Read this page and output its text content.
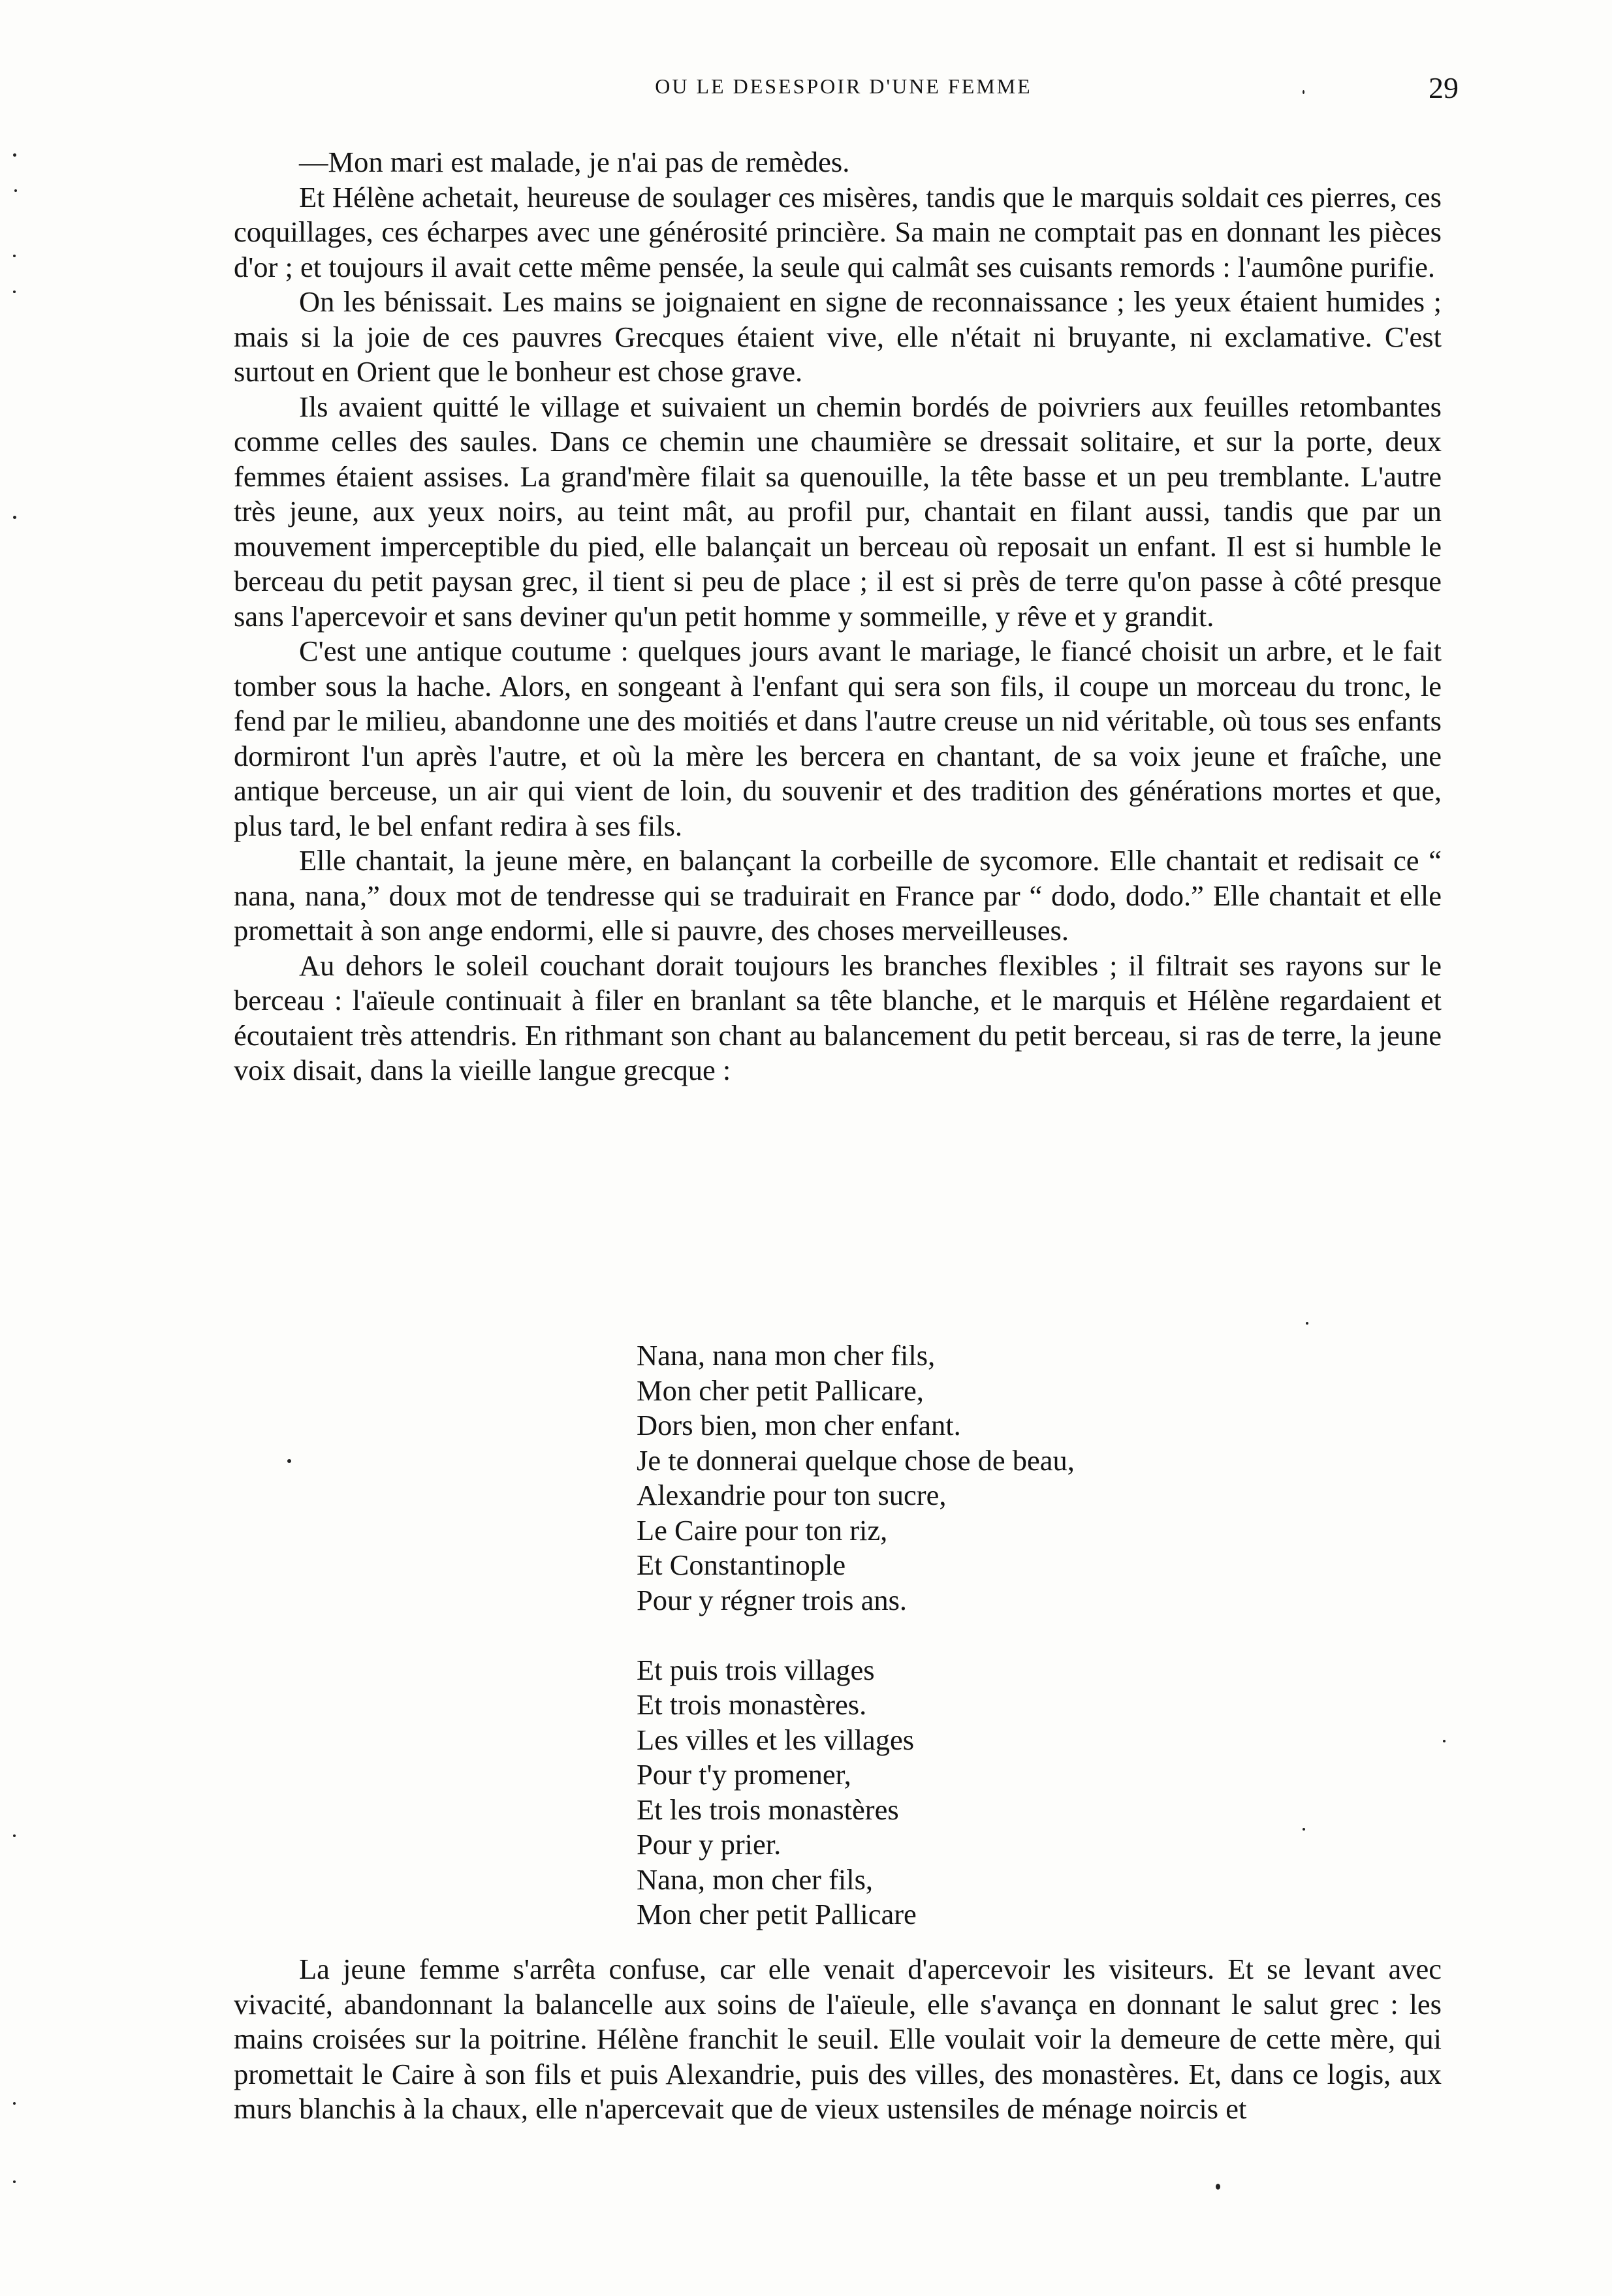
OU LE DESESPOIR D'UNE FEMME	29

—Mon mari est malade, je n'ai pas de remèdes.

Et Hélène achetait, heureuse de soulager ces misères, tandis que le marquis soldait ces pierres, ces coquillages, ces écharpes avec une générosité princière. Sa main ne comptait pas en donnant les pièces d'or ; et toujours il avait cette même pensée, la seule qui calmât ses cuisants remords : l'aumône purifie.

On les bénissait. Les mains se joignaient en signe de reconnaissance ; les yeux étaient humides ; mais si la joie de ces pauvres Grecques étaient vive, elle n'était ni bruyante, ni exclamative. C'est surtout en Orient que le bonheur est chose grave.

Ils avaient quitté le village et suivaient un chemin bordés de poivriers aux feuilles retombantes comme celles des saules. Dans ce chemin une chaumière se dressait solitaire, et sur la porte, deux femmes étaient assises. La grand'mère filait sa quenouille, la tête basse et un peu tremblante. L'autre très jeune, aux yeux noirs, au teint mât, au profil pur, chantait en filant aussi, tandis que par un mouvement imperceptible du pied, elle balançait un berceau où reposait un enfant. Il est si humble le berceau du petit paysan grec, il tient si peu de place ; il est si près de terre qu'on passe à côté presque sans l'apercevoir et sans deviner qu'un petit homme y sommeille, y rêve et y grandit.

C'est une antique coutume : quelques jours avant le mariage, le fiancé choisit un arbre, et le fait tomber sous la hache. Alors, en songeant à l'enfant qui sera son fils, il coupe un morceau du tronc, le fend par le milieu, abandonne une des moitiés et dans l'autre creuse un nid véritable, où tous ses enfants dormiront l'un après l'autre, et où la mère les bercera en chantant, de sa voix jeune et fraîche, une antique berceuse, un air qui vient de loin, du souvenir et des tradition des générations mortes et que, plus tard, le bel enfant redira à ses fils.

Elle chantait, la jeune mère, en balançant la corbeille de sycomore. Elle chantait et redisait ce “ nana, nana,” doux mot de tendresse qui se traduirait en France par “ dodo, dodo.” Elle chantait et elle promettait à son ange endormi, elle si pauvre, des choses merveilleuses.

Au dehors le soleil couchant dorait toujours les branches flexibles ; il filtrait ses rayons sur le berceau : l'aïeule continuait à filer en branlant sa tête blanche, et le marquis et Hélène regardaient et écoutaient très attendris. En rithmant son chant au balancement du petit berceau, si ras de terre, la jeune voix disait, dans la vieille langue grecque :

Nana, nana mon cher fils,
Mon cher petit Pallicare,
Dors bien, mon cher enfant.
Je te donnerai quelque chose de beau,
Alexandrie pour ton sucre,
Le Caire pour ton riz,
Et Constantinople
Pour y régner trois ans.
Et puis trois villages
Et trois monastères.
Les villes et les villages
Pour t'y promener,
Et les trois monastères
Pour y prier.
Nana, mon cher fils,
Mon cher petit Pallicare

La jeune femme s'arrêta confuse, car elle venait d'apercevoir les visiteurs. Et se levant avec vivacité, abandonnant la balancelle aux soins de l'aïeule, elle s'avança en donnant le salut grec : les mains croisées sur la poitrine. Hélène franchit le seuil. Elle voulait voir la demeure de cette mère, qui promettait le Caire à son fils et puis Alexandrie, puis des villes, des monastères. Et, dans ce logis, aux murs blanchis à la chaux, elle n'apercevait que de vieux ustensiles de ménage noircis et
